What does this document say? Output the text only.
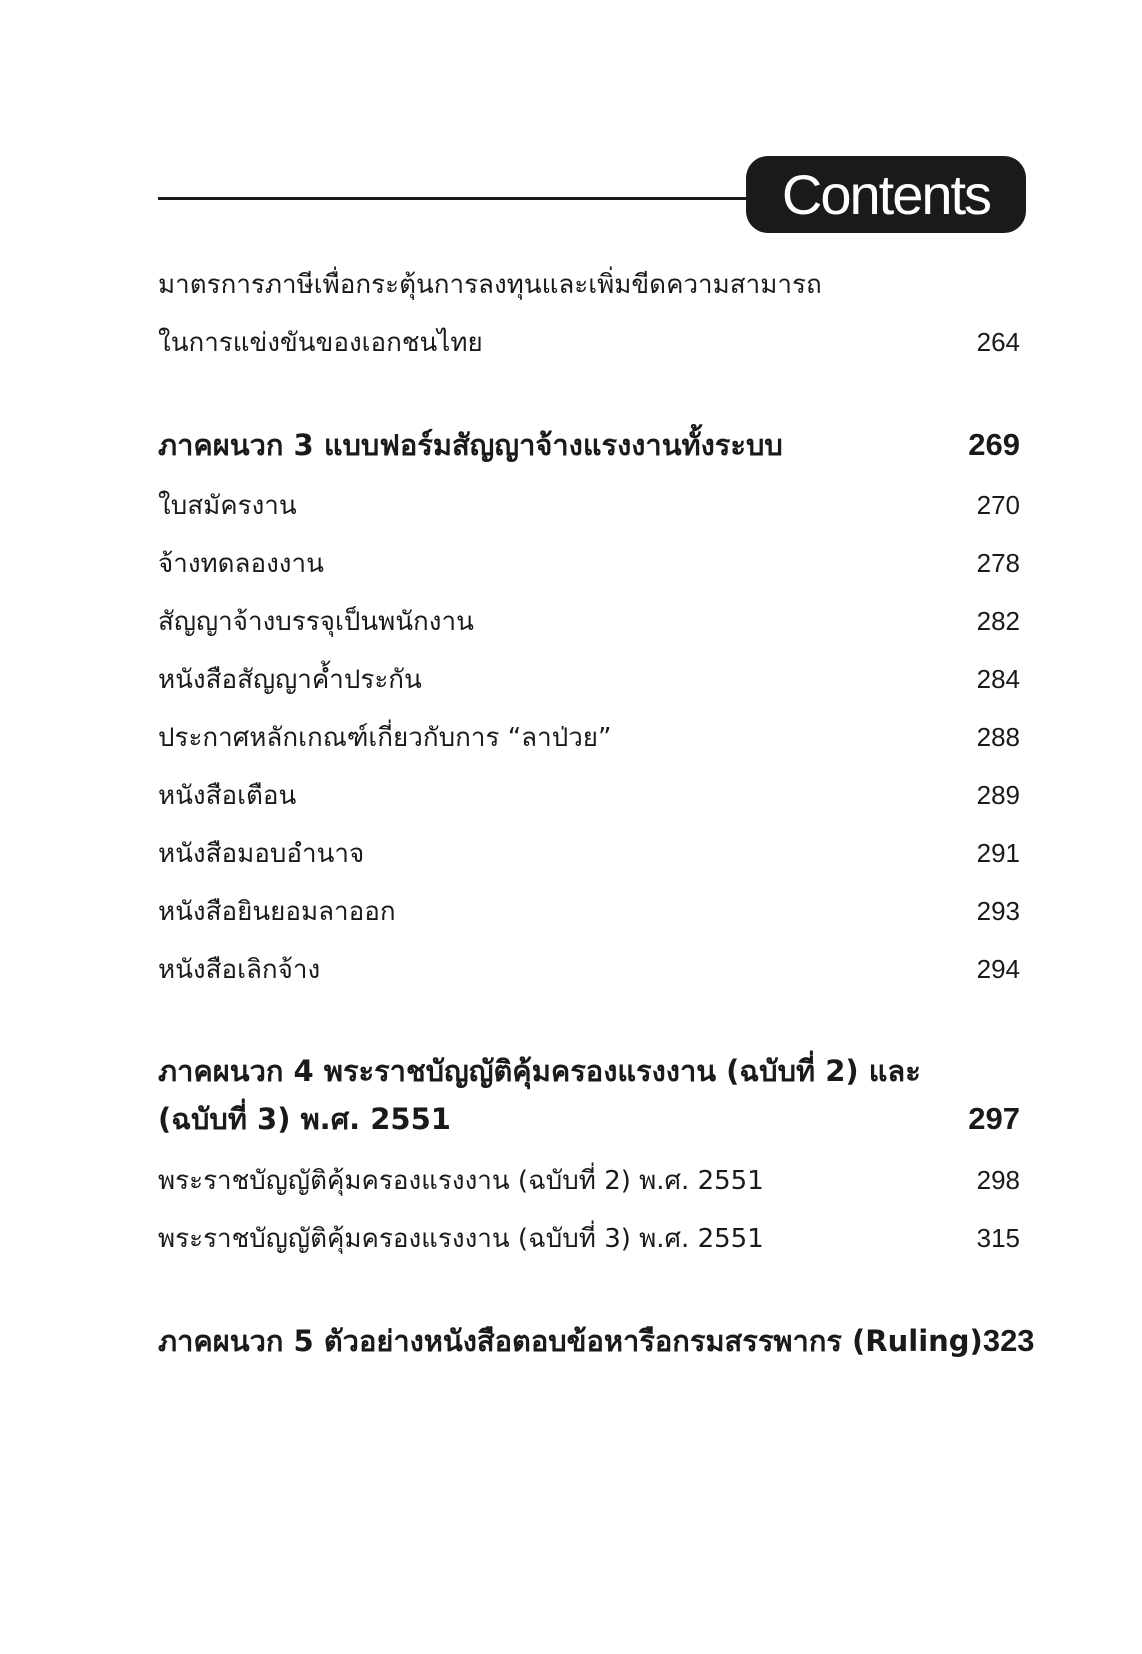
Contents
มาตรการภาษีเพื่อกระตุ้นการลงทุนและเพิ่มขีดความสามารถ
ในการแข่งขันของเอกชนไทย	264
ภาคผนวก 3 แบบฟอร์มสัญญาจ้างแรงงานทั้งระบบ	269
ใบสมัครงาน	270
จ้างทดลองงาน	278
สัญญาจ้างบรรจุเป็นพนักงาน	282
หนังสือสัญญาค้ำประกัน	284
ประกาศหลักเกณฑ์เกี่ยวกับการ “ลาป่วย”	288
หนังสือเตือน	289
หนังสือมอบอำนาจ	291
หนังสือยินยอมลาออก	293
หนังสือเลิกจ้าง	294
ภาคผนวก 4 พระราชบัญญัติคุ้มครองแรงงาน (ฉบับที่ 2) และ
(ฉบับที่ 3) พ.ศ. 2551	297
พระราชบัญญัติคุ้มครองแรงงาน (ฉบับที่ 2) พ.ศ. 2551	298
พระราชบัญญัติคุ้มครองแรงงาน (ฉบับที่ 3) พ.ศ. 2551	315
ภาคผนวก 5 ตัวอย่างหนังสือตอบข้อหารือกรมสรรพากร (Ruling) 323
